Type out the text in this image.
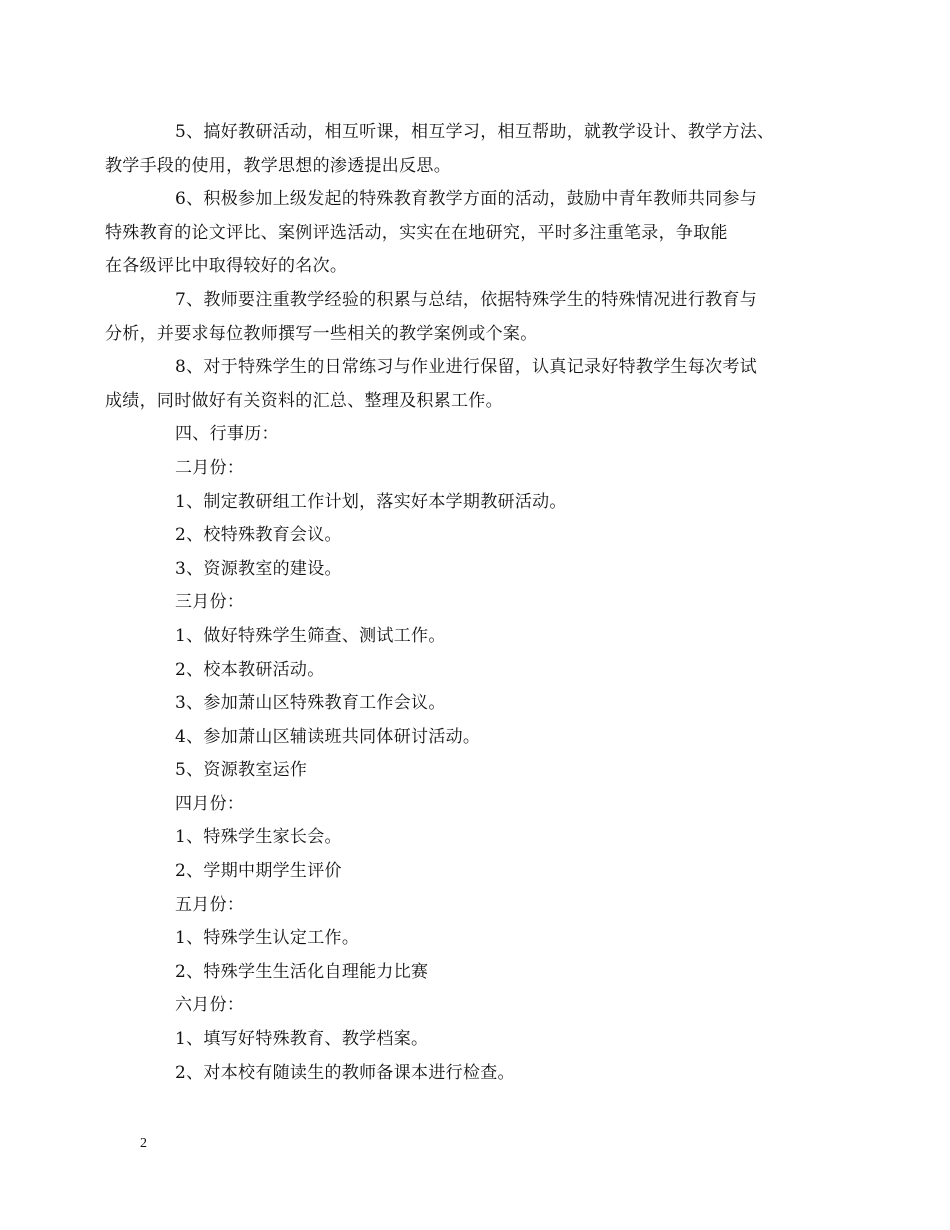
5、搞好教研活动，相互听课，相互学习，相互帮助，就教学设计、教学方法、
教学手段的使用，教学思想的渗透提出反思。

6、积极参加上级发起的特殊教育教学方面的活动，鼓励中青年教师共同参与
特殊教育的论文评比、案例评选活动，实实在在地研究，平时多注重笔录，争取能
在各级评比中取得较好的名次。

7、教师要注重教学经验的积累与总结，依据特殊学生的特殊情况进行教育与
分析，并要求每位教师撰写一些相关的教学案例或个案。

8、对于特殊学生的日常练习与作业进行保留，认真记录好特教学生每次考试
成绩，同时做好有关资料的汇总、整理及积累工作。

四、行事历：

二月份：

1、制定教研组工作计划，落实好本学期教研活动。

2、校特殊教育会议。

3、资源教室的建设。

三月份：

1、做好特殊学生筛查、测试工作。

2、校本教研活动。

3、参加萧山区特殊教育工作会议。

4、参加萧山区辅读班共同体研讨活动。

5、资源教室运作

四月份：

1、特殊学生家长会。

2、学期中期学生评价

五月份：

1、特殊学生认定工作。

2、特殊学生生活化自理能力比赛

六月份：

1、填写好特殊教育、教学档案。

2、对本校有随读生的教师备课本进行检查。

2
